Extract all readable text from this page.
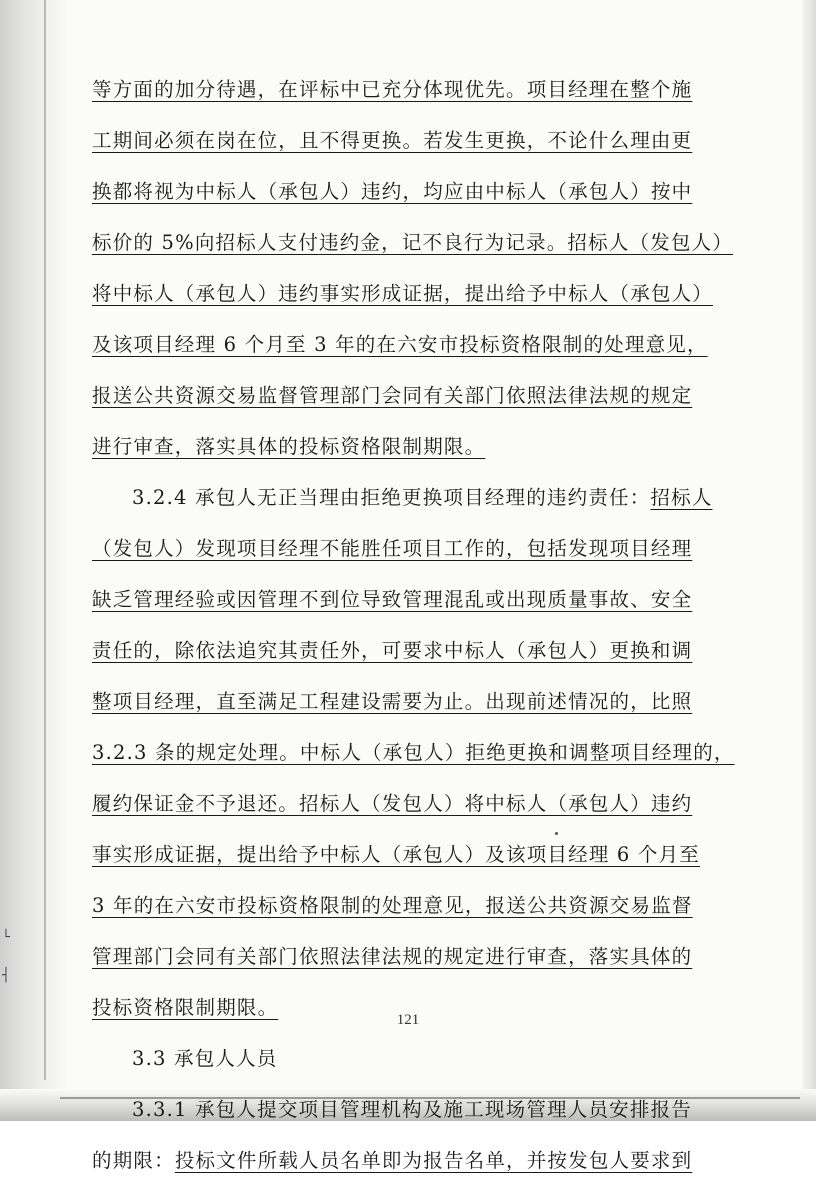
└
┤
等方面的加分待遇，在评标中已充分体现优先。项目经理在整个施
工期间必须在岗在位，且不得更换。若发生更换，不论什么理由更
换都将视为中标人（承包人）违约，均应由中标人（承包人）按中
标价的 5%向招标人支付违约金，记不良行为记录。招标人（发包人）
将中标人（承包人）违约事实形成证据，提出给予中标人（承包人）
及该项目经理 6 个月至 3 年的在六安市投标资格限制的处理意见，
报送公共资源交易监督管理部门会同有关部门依照法律法规的规定
进行审查，落实具体的投标资格限制期限。
3.2.4 承包人无正当理由拒绝更换项目经理的违约责任：招标人
（发包人）发现项目经理不能胜任项目工作的，包括发现项目经理
缺乏管理经验或因管理不到位导致管理混乱或出现质量事故、安全
责任的，除依法追究其责任外，可要求中标人（承包人）更换和调
整项目经理，直至满足工程建设需要为止。出现前述情况的，比照
3.2.3 条的规定处理。中标人（承包人）拒绝更换和调整项目经理的，
履约保证金不予退还。招标人（发包人）将中标人（承包人）违约
事实形成证据，提出给予中标人（承包人）及该项目经理 6 个月至
3 年的在六安市投标资格限制的处理意见，报送公共资源交易监督
管理部门会同有关部门依照法律法规的规定进行审查，落实具体的
投标资格限制期限。
3.3 承包人人员
3.3.1 承包人提交项目管理机构及施工现场管理人员安排报告
的期限：投标文件所载人员名单即为报告名单，并按发包人要求到
121
